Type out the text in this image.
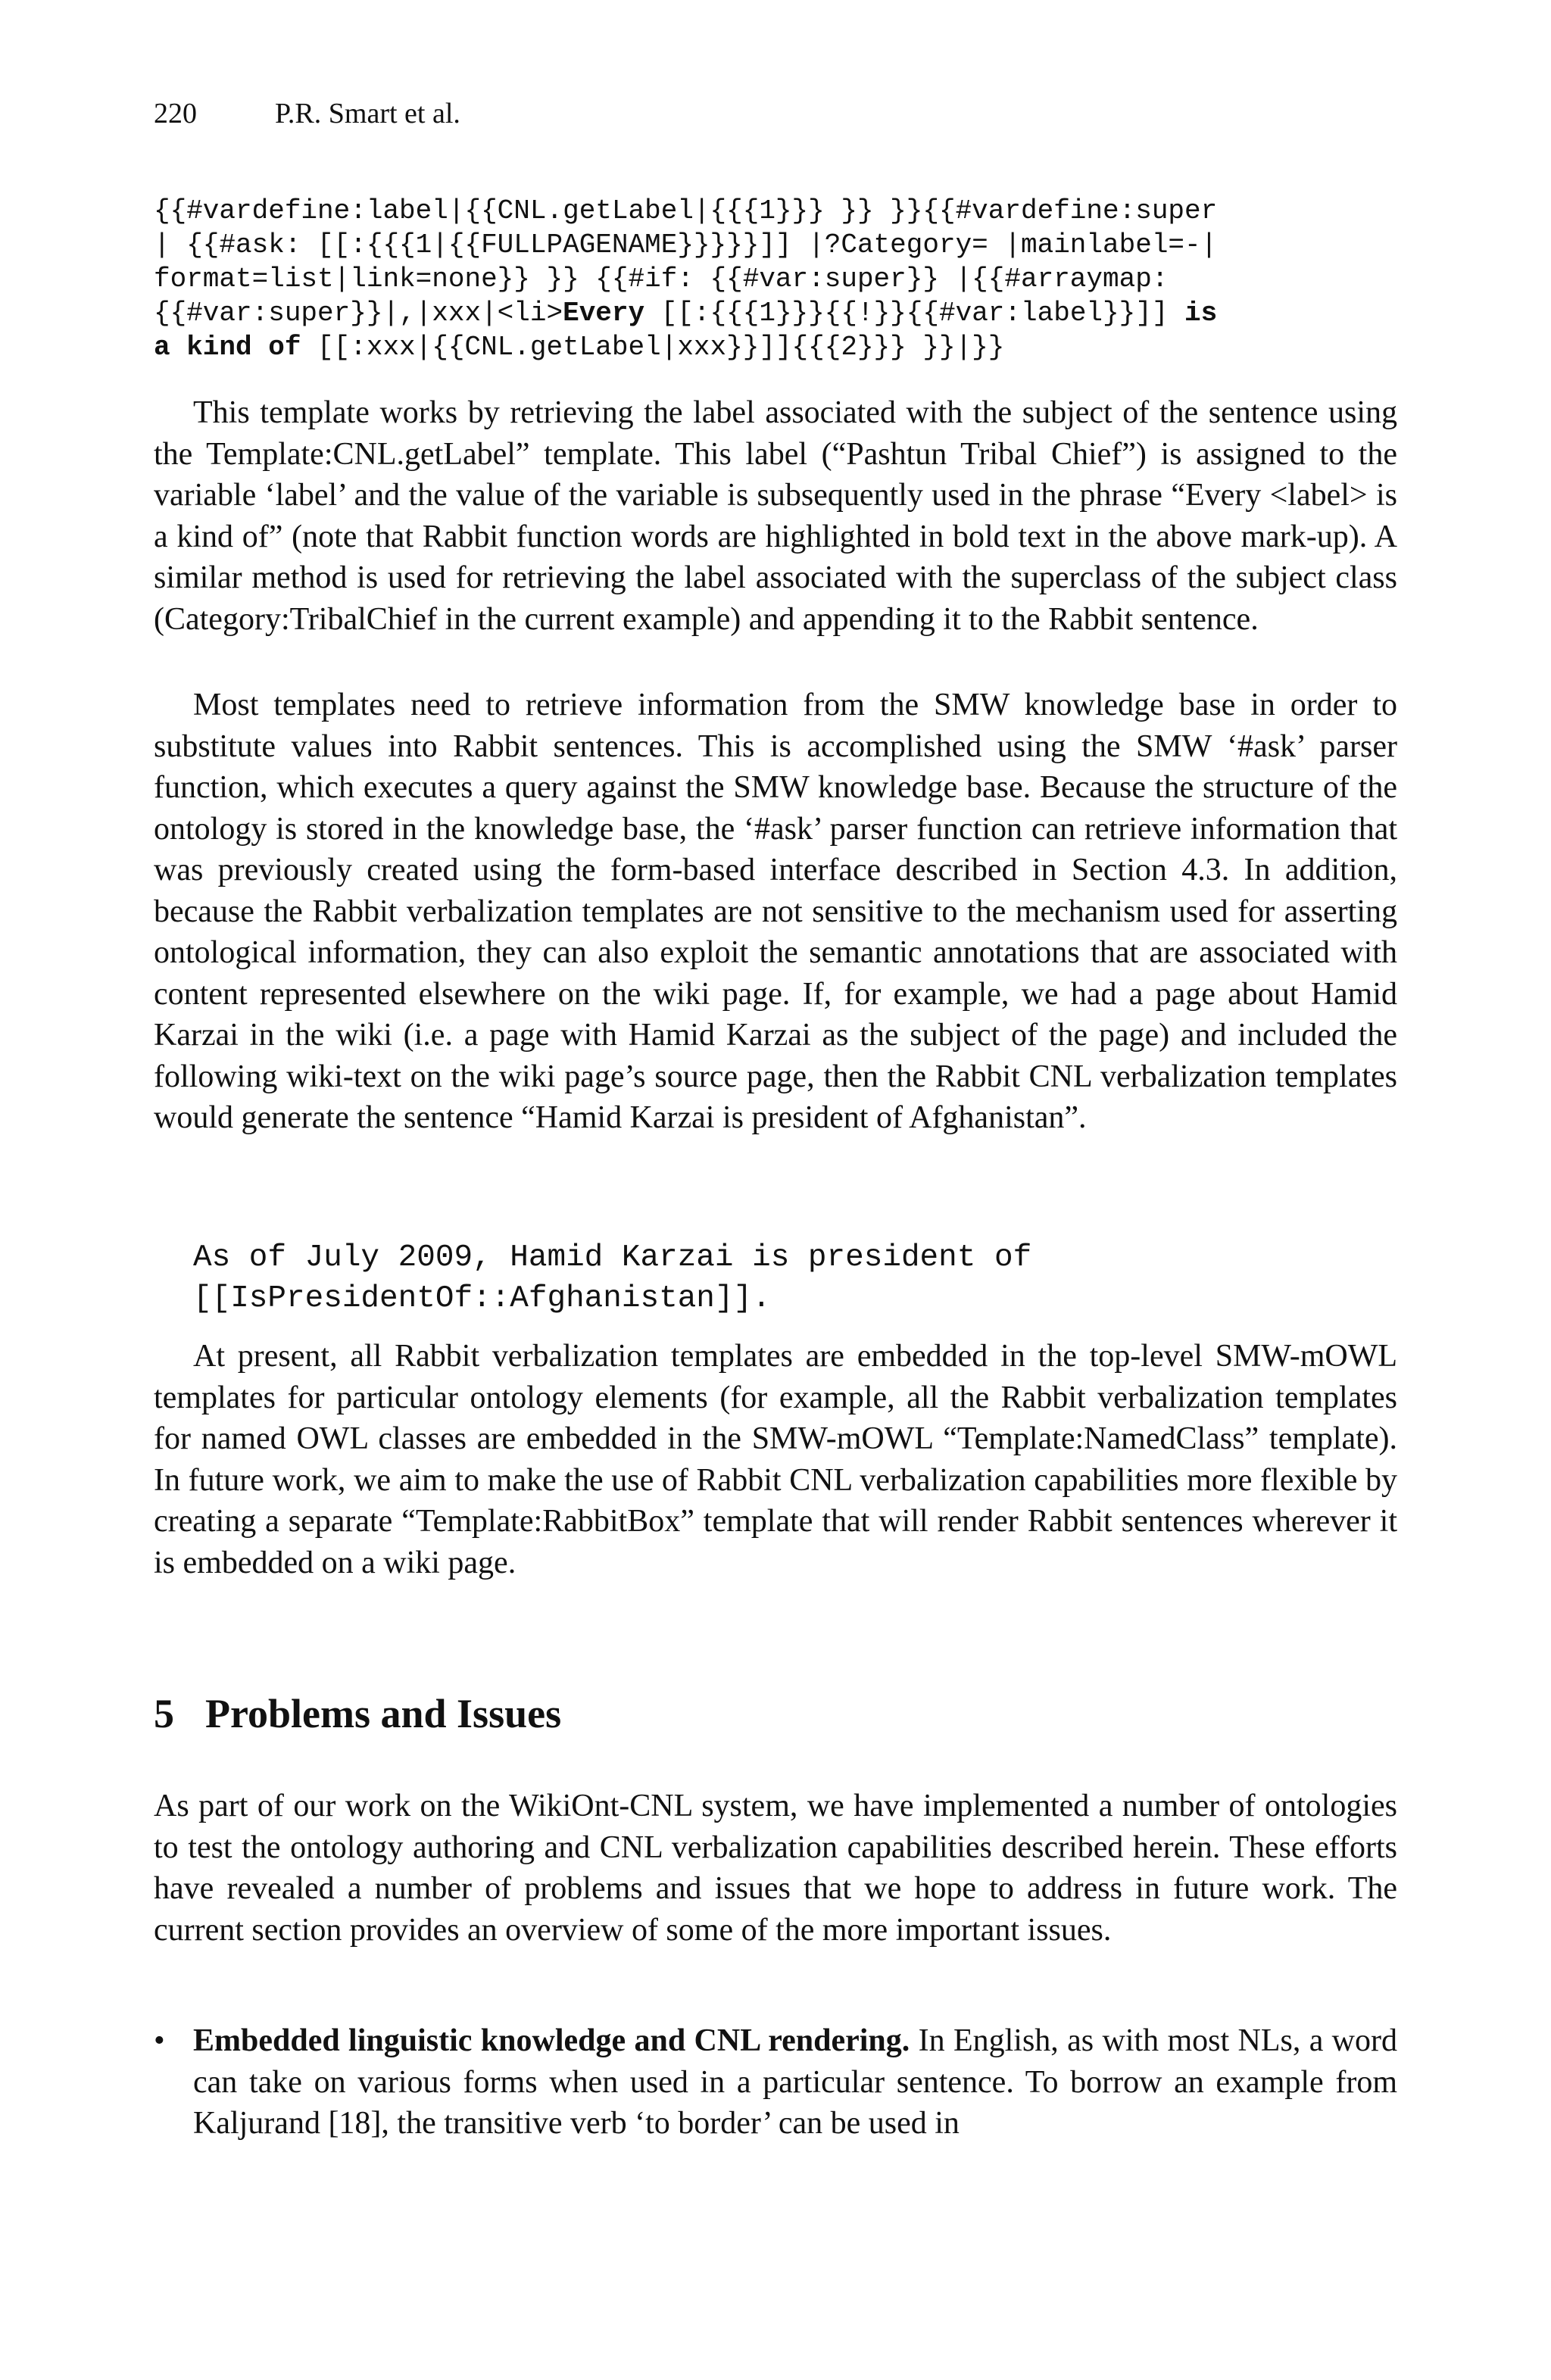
220	P.R. Smart et al.
{{#vardefine:label|{{CNL.getLabel|{{{1}}} }} }}{{#vardefine:super
| {{#ask: [[:{{{1|{{FULLPAGENAME}}}}}]] |?Category= |mainlabel=-|
format=list|link=none}} }} {{#if: {{#var:super}} |{{#arraymap:
{{#var:super}}|,|xxx|<li>Every [[:{{{1}}}{{!}}{{#var:label}}]] is
a kind of [[:xxx|{{CNL.getLabel|xxx}}]]{{{2}}} }}|}}
This template works by retrieving the label associated with the subject of the sentence using the Template:CNL.getLabel” template. This label (“Pashtun Tribal Chief”) is assigned to the variable ‘label’ and the value of the variable is subsequently used in the phrase “Every <label> is a kind of” (note that Rabbit function words are highlighted in bold text in the above mark-up). A similar method is used for retrieving the label associated with the superclass of the subject class (Category:TribalChief in the current example) and appending it to the Rabbit sentence.
Most templates need to retrieve information from the SMW knowledge base in order to substitute values into Rabbit sentences. This is accomplished using the SMW ‘#ask’ parser function, which executes a query against the SMW knowledge base. Because the structure of the ontology is stored in the knowledge base, the ‘#ask’ parser function can retrieve information that was previously created using the form-based interface described in Section 4.3. In addition, because the Rabbit verbalization templates are not sensitive to the mechanism used for asserting ontological information, they can also exploit the semantic annotations that are associated with content represented elsewhere on the wiki page. If, for example, we had a page about Hamid Karzai in the wiki (i.e. a page with Hamid Karzai as the subject of the page) and included the following wiki-text on the wiki page’s source page, then the Rabbit CNL verbalization templates would generate the sentence “Hamid Karzai is president of Afghanistan”.
As of July 2009, Hamid Karzai is president of
[[IsPresidentOf::Afghanistan]].
At present, all Rabbit verbalization templates are embedded in the top-level SMW-mOWL templates for particular ontology elements (for example, all the Rabbit verbalization templates for named OWL classes are embedded in the SMW-mOWL “Template:NamedClass” template). In future work, we aim to make the use of Rabbit CNL verbalization capabilities more flexible by creating a separate “Template:RabbitBox” template that will render Rabbit sentences wherever it is embedded on a wiki page.
5 Problems and Issues
As part of our work on the WikiOnt-CNL system, we have implemented a number of ontologies to test the ontology authoring and CNL verbalization capabilities described herein. These efforts have revealed a number of problems and issues that we hope to address in future work. The current section provides an overview of some of the more important issues.
• Embedded linguistic knowledge and CNL rendering. In English, as with most NLs, a word can take on various forms when used in a particular sentence. To borrow an example from Kaljurand [18], the transitive verb ‘to border’ can be used in
